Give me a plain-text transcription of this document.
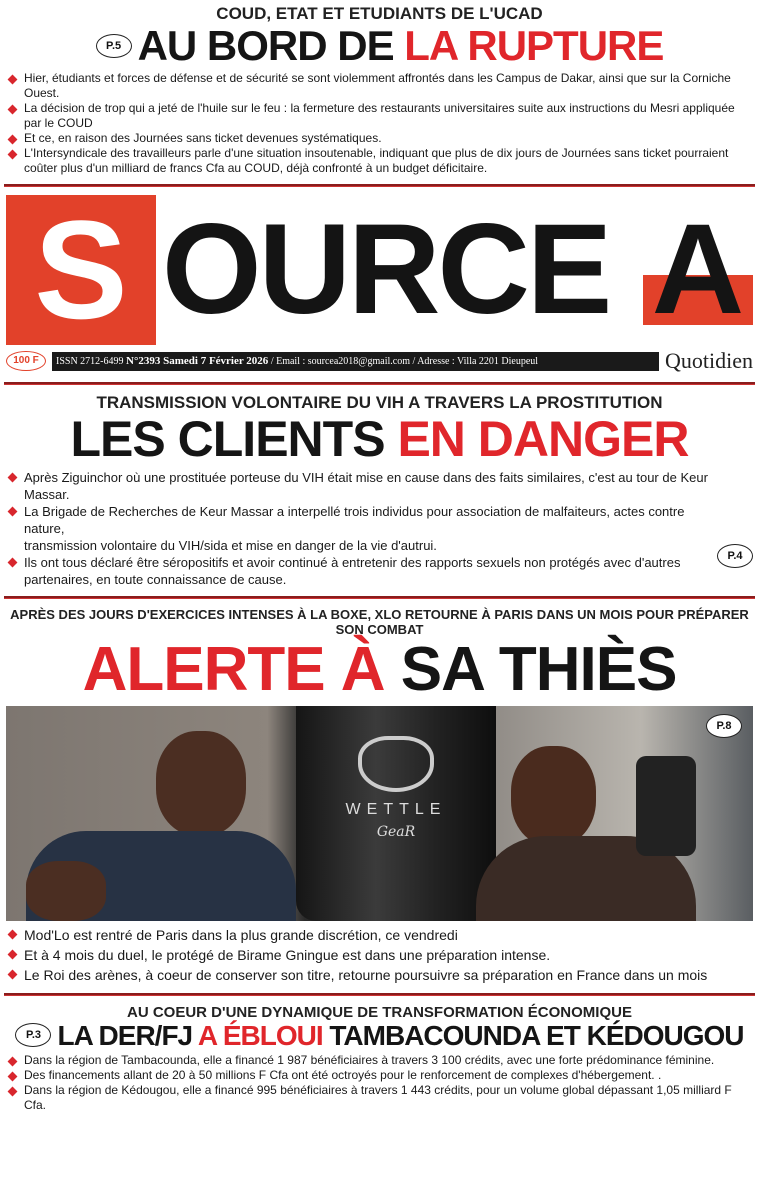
COUD, ETAT ET ETUDIANTS DE L'UCAD
P.5 AU BORD DE LA RUPTURE
Hier, étudiants et forces de défense et de sécurité se sont violemment affrontés dans les Campus de Dakar, ainsi que sur la Corniche Ouest.
La décision de trop qui a jeté de l'huile sur le feu : la fermeture des restaurants universitaires suite aux instructions du Mesri appliquée par le COUD
Et ce, en raison des Journées sans ticket devenues systématiques.
L'Intersyndicale des travailleurs parle d'une situation insoutenable, indiquant que plus de dix jours de Journées sans ticket pourraient
coûter plus d'un milliard de francs Cfa au COUD, déjà confronté à un budget déficitaire.
S OURCE A
100 F	ISSN 2712-6499 N°2393 Samedi 7 Février 2026 / Email : sourcea2018@gmail.com / Adresse : Villa 2201 Dieupeul	Quotidien
TRANSMISSION VOLONTAIRE DU VIH A TRAVERS LA PROSTITUTION
LES CLIENTS EN DANGER
Après Ziguinchor où une prostituée porteuse du VIH était mise en cause dans des faits similaires, c'est au tour de Keur Massar.
La Brigade de Recherches de Keur Massar a interpellé trois individus pour association de malfaiteurs, actes contre nature,
transmission volontaire du VIH/sida et mise en danger de la vie d'autrui.
Ils ont tous déclaré être séropositifs et avoir continué à entretenir des rapports sexuels non protégés avec d'autres partenaires, en toute connaissance de cause.
P.4
APRÈS DES JOURS D'EXERCICES INTENSES À LA BOXE, XLO RETOURNE À PARIS DANS UN MOIS POUR PRÉPARER SON COMBAT
ALERTE À SA THIÈS
WETTLE
GeaR
P.8
Mod'Lo est rentré de Paris dans la plus grande discrétion, ce vendredi
Et à 4 mois du duel, le protégé de Birame Gningue est dans une préparation intense.
Le Roi des arènes, à coeur de conserver son titre, retourne poursuivre sa préparation en France dans un mois
AU COEUR D'UNE DYNAMIQUE DE TRANSFORMATION ÉCONOMIQUE
P.3 LA DER/FJ A ÉBLOUI TAMBACOUNDA ET KÉDOUGOU
Dans la région de Tambacounda, elle a financé 1 987 bénéficiaires à travers 3 100 crédits, avec une forte prédominance féminine.
Des financements allant de 20 à 50 millions F Cfa ont été octroyés pour le renforcement de complexes d'hébergement. .
Dans la région de Kédougou, elle a financé 995 bénéficiaires à travers 1 443 crédits, pour un volume global dépassant 1,05 milliard F Cfa.
